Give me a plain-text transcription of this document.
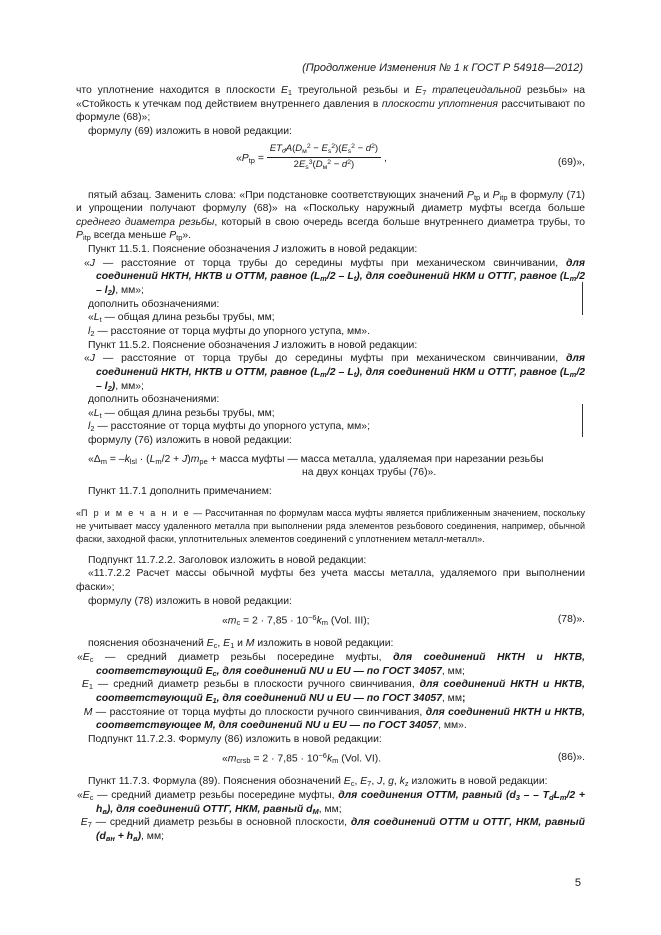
(Продолжение Изменения № 1 к ГОСТ Р 54918—2012)

что уплотнение находится в плоскости $E_1$ треугольной резьбы и $E_7$ трапецеидальной резьбы» на «Стойкость к утечкам под действием внутреннего давления в плоскости уплотнения рассчитывают по формуле (68)»;

формулу (69) изложить в новой редакции:

«$P_{tp} = \frac{ET_dA(D_м^2 - E_s^2)(E_s^2 - d^2)}{2E_s^3(D_м^2 - d^2)}$ ,	(69)»,

пятый абзац. Заменить слова: «При подстановке соответствующих значений $P_{tp}$ и $P_{itp}$ в формулу (71) и упрощении получают формулу (68)» на «Поскольку наружный диаметр муфты всегда больше среднего диаметра резьбы, который в свою очередь всегда больше внутреннего диаметра трубы, то $P_{itp}$ всегда меньше $P_{tp}$».

Пункт 11.5.1. Пояснение обозначения J изложить в новой редакции:

«J — расстояние от торца трубы до середины муфты при механическом свинчивании, для соединений НКТН, НКТВ и ОТТМ, равное $(L_m/2 - L_t)$, для соединений НКМ и ОТТГ, равное $(L_m/2 - l_2)$, мм»;

дополнить обозначениями:

«$L_t$ — общая длина резьбы трубы, мм;

$l_2$ — расстояние от торца муфты до упорного уступа, мм».

Пункт 11.5.2. Пояснение обозначения J изложить в новой редакции:

«J — расстояние от торца трубы до середины муфты при механическом свинчивании, для соединений НКТН, НКТВ и ОТТМ, равное $(L_m/2 - L_t)$, для соединений НКМ и ОТТГ, равное $(L_m/2 - l_2)$, мм»;

дополнить обозначениями:

«$L_t$ — общая длина резьбы трубы, мм;

$l_2$ — расстояние от торца муфты до упорного уступа, мм»;

формулу (76) изложить в новой редакции:

«$\Delta_m = -k_{lsl} \cdot (L_m/2 + J)m_{pe}$ + масса муфты — масса металла, удаляемая при нарезании резьбы
на двух концах трубы (76)».

Пункт 11.7.1 дополнить примечанием:

«П р и м е ч а н и е — Рассчитанная по формулам масса муфты является приближенным значением, поскольку не учитывает массу удаленного металла при выполнении ряда элементов резьбового соединения, например, обычной фаски, заходной фаски, уплотнительных элементов соединений с уплотнением металл-металл».

Подпункт 11.7.2.2. Заголовок изложить в новой редакции:

«11.7.2.2 Расчет массы обычной муфты без учета массы металла, удаляемого при выполнении фаски»;

формулу (78) изложить в новой редакции:

«$m_c = 2 \cdot 7,85 \cdot 10^{-6}k_m$ (Vol. III);	(78)».

пояснения обозначений $E_c$, $E_1$ и M изложить в новой редакции:

«$E_c$ — средний диаметр резьбы посередине муфты, для соединений НКТН и НКТВ, соответствующий $E_c$, для соединений NU и EU — по ГОСТ 34057, мм;

$E_1$ — средний диаметр резьбы в плоскости ручного свинчивания, для соединений НКТН и НКТВ, соответствующий $E_1$, для соединений NU и EU — по ГОСТ 34057, мм;

M — расстояние от торца муфты до плоскости ручного свинчивания, для соединений НКТН и НКТВ, соответствующее M, для соединений NU и EU — по ГОСТ 34057, мм».

Подпункт 11.7.2.3. Формулу (86) изложить в новой редакции:

«$m_{crsb} = 2 \cdot 7,85 \cdot 10^{-6}k_m$ (Vol. VI).	(86)».

Пункт 11.7.3. Формула (89). Пояснения обозначений $E_c$, $E_7$, J, g, $k_z$ изложить в новой редакции:

«$E_c$ — средний диаметр резьбы посередине муфты, для соединения ОТТМ, равный ($d_3$ – – $T_dL_m/2 + h_в$), для соединений ОТТГ, НКМ, равный $d_M$, мм;

$E_7$ — средний диаметр резьбы в основной плоскости, для соединений ОТТМ и ОТТГ, НКМ, равный $(d_{вн} + h_в)$, мм;

5
